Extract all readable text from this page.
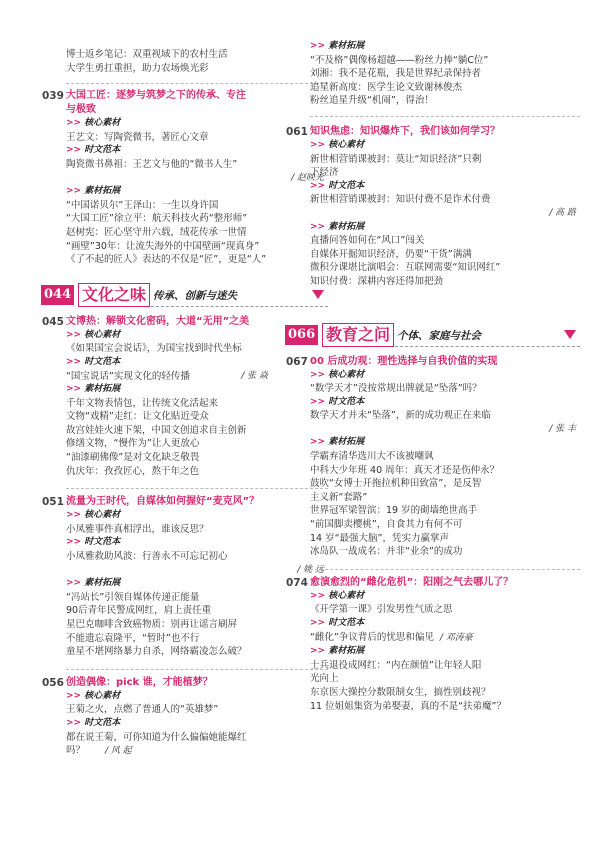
博士返乡笔记：双重视域下的农村生活
大学生勇扛重担，助力农场焕光彩
039 大国工匠：逐梦与筑梦之下的传承、专注
与极致
>> 核心素材
王艺文：写陶瓷微书，著匠心文章
>> 时文范本
陶瓷微书鼻祖：王艺文与他的“微书人生”
/ 赵映光
>> 素材拓展
“中国诺贝尔”王泽山：一生以身许国
“大国工匠”徐立平：航天科技火药“整形师”
赵树宪：匠心坚守卅六载，绒花传承一世情
“画壁”30年：让流失海外的中国壁画“现真身”
《了不起的匠人》表达的不仅是“匠”，更是“人”
044 文化之味 传承、创新与迷失
045 文博热：解锁文化密码，大道“无用”之美
>> 核心素材
《如果国宝会说话》，为国宝找到时代坐标
>> 时文范本
“国宝说话”实现文化的轻传播	/ 张 焱
>> 素材拓展
千年文物表情包，让传统文化活起来
文物“戏精”走红：让文化贴近受众
故宫娃娃火速下架，中国文创追求自主创新
修缮文物，“慢作为”让人更放心
“油漆刷佛像”是对文化缺乏敬畏
仇庆年：孜孜匠心，熬干年之色
051 流量为王时代，自媒体如何握好“麦克风”？
>> 核心素材
小凤雅事件真相浮出，谁该反思？
>> 时文范本
小凤雅救助风波：行善永不可忘记初心
/ 姚 远
>> 素材拓展
“冯站长”引领自媒体传递正能量
90后青年民警成网红，肩上责任重
星巴克咖啡含致癌物质：别再让谣言刷屏
不能遗忘袁隆平，“暂时”也不行
童星不堪网络暴力自杀，网络霸凌怎么破？
056 创造偶像：pick 谁，才能植梦？
>> 核心素材
王菊之火，点燃了普通人的“英雄梦”
>> 时文范本
都在说王菊，可你知道为什么偏偏她能爆红
吗？ / 风 起
>> 素材拓展
“不及格”偶像杨超越——粉丝力捧“躺C位”
刘湘：我不是花瓶，我是世界纪录保持者
追星新高度：医学生论文致谢林俊杰
粉丝追星升级“机闹”，得治！
061 知识焦虑：知识爆炸下，我们该如何学习？
>> 核心素材
新世相营销课被封：莫让“知识经济”只剩
下经济
>> 时文范本
新世相营销课被封：知识付费不是诈术付费
/ 高 路
>> 素材拓展
直播问答如何在“风口”闯关
自媒体开掘知识经济，仍要“干货”满满
微积分课堪比演唱会：互联网需要“知识网红”
知识付费：深耕内容还得加把劲
066 教育之问 个体、家庭与社会
067 00 后成功观：理性选择与自我价值的实现
>> 核心素材
“数学天才”没按常规出牌就是“坠落”吗？
>> 时文范本
数学天才并未“坠落”，新的成功观正在来临
/ 张 丰
>> 素材拓展
学霸弃清华选川大不该被嘲讽
中科大少年班 40 周年：真天才还是伤仲永？
鼓吹“女博士开拖拉机种田致富”，是反智
主义新“套路”
世界冠军梁智滨：19 岁的砌墙绝世高手
“前国脚卖樱桃”，自食其力有何不可
14 岁“最强大脑”，凭实力赢掌声
冰岛队一战成名：并非“业余”的成功
074 愈演愈烈的“雌化危机”：阳刚之气去哪儿了？
>> 核心素材
《开学第一课》引发男性气质之思
>> 时文范本
“雌化”争议背后的忧思和偏见 / 邓涛豪
>> 素材拓展
士兵退役成网红：“内在颜值”让年轻人阳
光向上
东京医大操控分数限制女生，搞性别歧视？
11 位姐姐集资为弟娶妻，真的不是“扶弟魔”？
